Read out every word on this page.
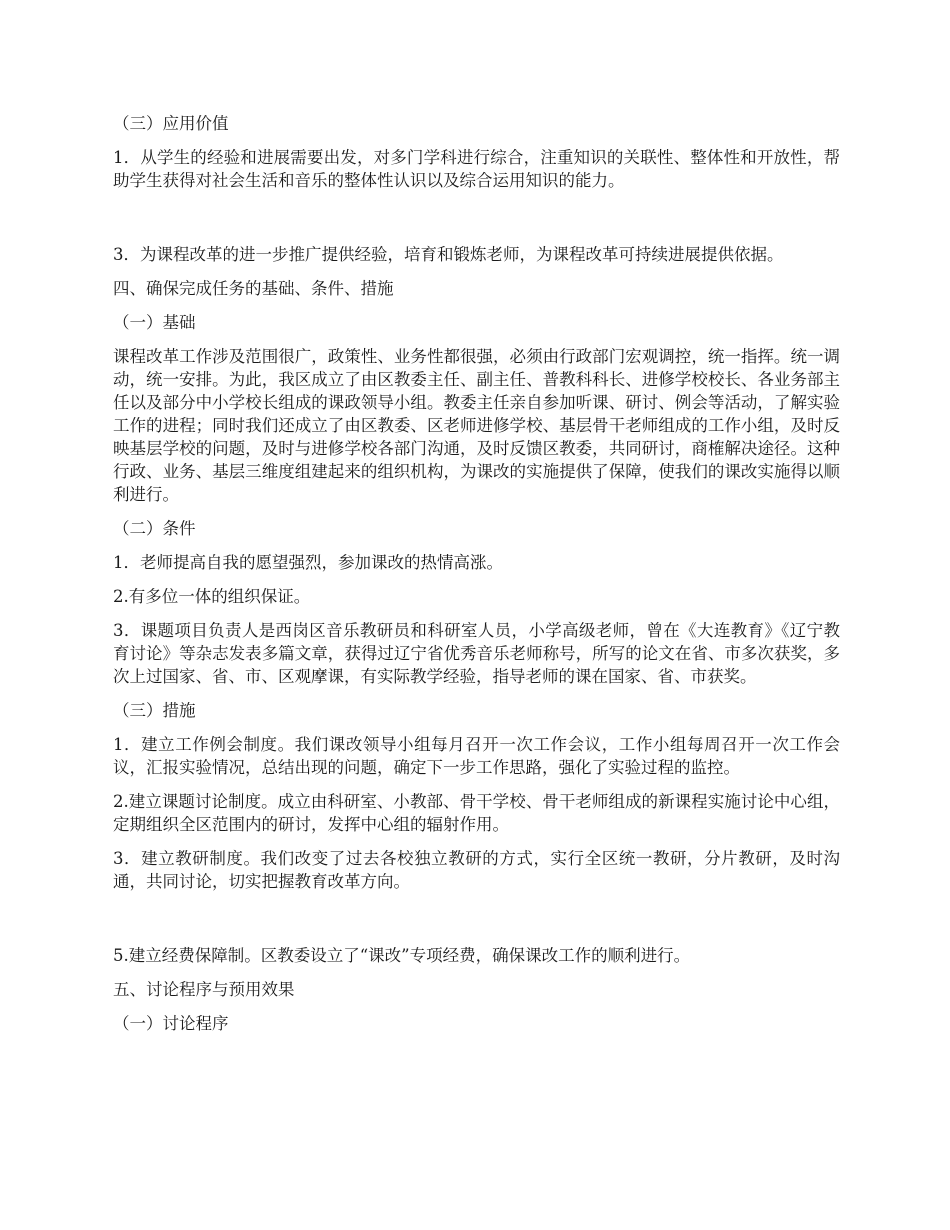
（三）应用价值

1．从学生的经验和进展需要出发，对多门学科进行综合，注重知识的关联性、整体性和开放性，帮助学生获得对社会生活和音乐的整体性认识以及综合运用知识的能力。

3．为课程改革的进一步推广提供经验，培育和锻炼老师，为课程改革可持续进展提供依据。

四、确保完成任务的基础、条件、措施

（一）基础

课程改革工作涉及范围很广，政策性、业务性都很强，必须由行政部门宏观调控，统一指挥。统一调动，统一安排。为此，我区成立了由区教委主任、副主任、普教科科长、进修学校校长、各业务部主任以及部分中小学校长组成的课政领导小组。教委主任亲自参加听课、研讨、例会等活动，了解实验工作的进程；同时我们还成立了由区教委、区老师进修学校、基层骨干老师组成的工作小组，及时反映基层学校的问题，及时与进修学校各部门沟通，及时反馈区教委，共同研讨，商榷解决途径。这种行政、业务、基层三维度组建起来的组织机构，为课改的实施提供了保障，使我们的课改实施得以顺利进行。

（二）条件

1．老师提高自我的愿望强烈，参加课改的热情高涨。

2.有多位一体的组织保证。

3．课题项目负责人是西岗区音乐教研员和科研室人员，小学高级老师，曾在《大连教育》《辽宁教育讨论》等杂志发表多篇文章，获得过辽宁省优秀音乐老师称号，所写的论文在省、市多次获奖，多次上过国家、省、市、区观摩课，有实际教学经验，指导老师的课在国家、省、市获奖。

（三）措施

1．建立工作例会制度。我们课改领导小组每月召开一次工作会议，工作小组每周召开一次工作会议，汇报实验情况，总结出现的问题，确定下一步工作思路，强化了实验过程的监控。

2.建立课题讨论制度。成立由科研室、小教部、骨干学校、骨干老师组成的新课程实施讨论中心组，定期组织全区范围内的研讨，发挥中心组的辐射作用。

3．建立教研制度。我们改变了过去各校独立教研的方式，实行全区统一教研，分片教研，及时沟通，共同讨论，切实把握教育改革方向。

5.建立经费保障制。区教委设立了“课改”专项经费，确保课改工作的顺利进行。

五、讨论程序与预用效果

（一）讨论程序
